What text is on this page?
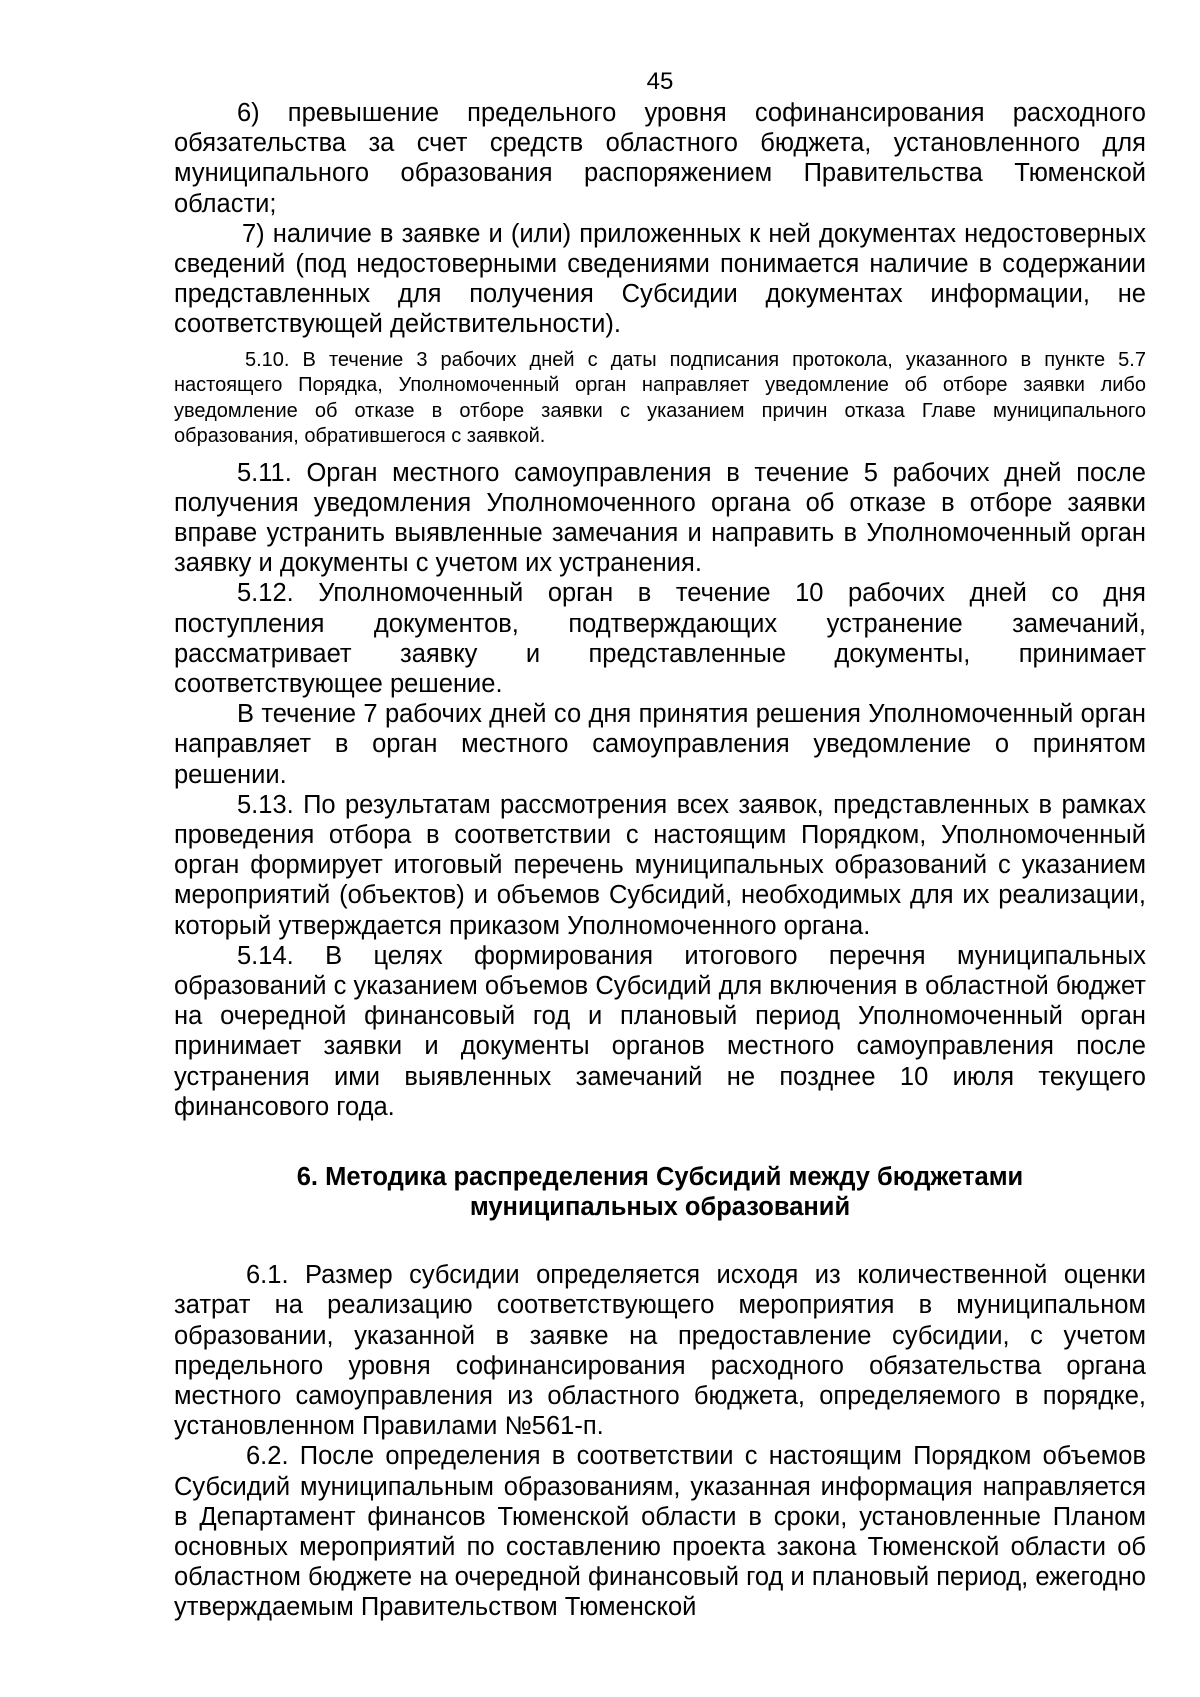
45

6) превышение предельного уровня софинансирования расходного обязательства за счет средств областного бюджета, установленного для муниципального образования распоряжением Правительства Тюменской области;

7) наличие в заявке и (или) приложенных к ней документах недостоверных сведений (под недостоверными сведениями понимается наличие в содержании представленных для получения Субсидии документах информации, не соответствующей действительности).

5.10. В течение 3 рабочих дней с даты подписания протокола, указанного в пункте 5.7 настоящего Порядка, Уполномоченный орган направляет уведомление об отборе заявки либо уведомление об отказе в отборе заявки с указанием причин отказа Главе муниципального образования, обратившегося с заявкой.

5.11. Орган местного самоуправления в течение 5 рабочих дней после получения уведомления Уполномоченного органа об отказе в отборе заявки вправе устранить выявленные замечания и направить в Уполномоченный орган заявку и документы с учетом их устранения.

5.12. Уполномоченный орган в течение 10 рабочих дней со дня поступления документов, подтверждающих устранение замечаний, рассматривает заявку и представленные документы, принимает соответствующее решение.

В течение 7 рабочих дней со дня принятия решения Уполномоченный орган направляет в орган местного самоуправления уведомление о принятом решении.

5.13. По результатам рассмотрения всех заявок, представленных в рамках проведения отбора в соответствии с настоящим Порядком, Уполномоченный орган формирует итоговый перечень муниципальных образований с указанием мероприятий (объектов) и объемов Субсидий, необходимых для их реализации, который утверждается приказом Уполномоченного органа.

5.14. В целях формирования итогового перечня муниципальных образований с указанием объемов Субсидий для включения в областной бюджет на очередной финансовый год и плановый период Уполномоченный орган принимает заявки и документы органов местного самоуправления после устранения ими выявленных замечаний не позднее 10 июля текущего финансового года.

6. Методика распределения Субсидий между бюджетами муниципальных образований

6.1. Размер субсидии определяется исходя из количественной оценки затрат на реализацию соответствующего мероприятия в муниципальном образовании, указанной в заявке на предоставление субсидии, с учетом предельного уровня софинансирования расходного обязательства органа местного самоуправления из областного бюджета, определяемого в порядке, установленном Правилами №561-п.

6.2. После определения в соответствии с настоящим Порядком объемов Субсидий муниципальным образованиям, указанная информация направляется в Департамент финансов Тюменской области в сроки, установленные Планом основных мероприятий по составлению проекта закона Тюменской области об областном бюджете на очередной финансовый год и плановый период, ежегодно утверждаемым Правительством Тюменской
